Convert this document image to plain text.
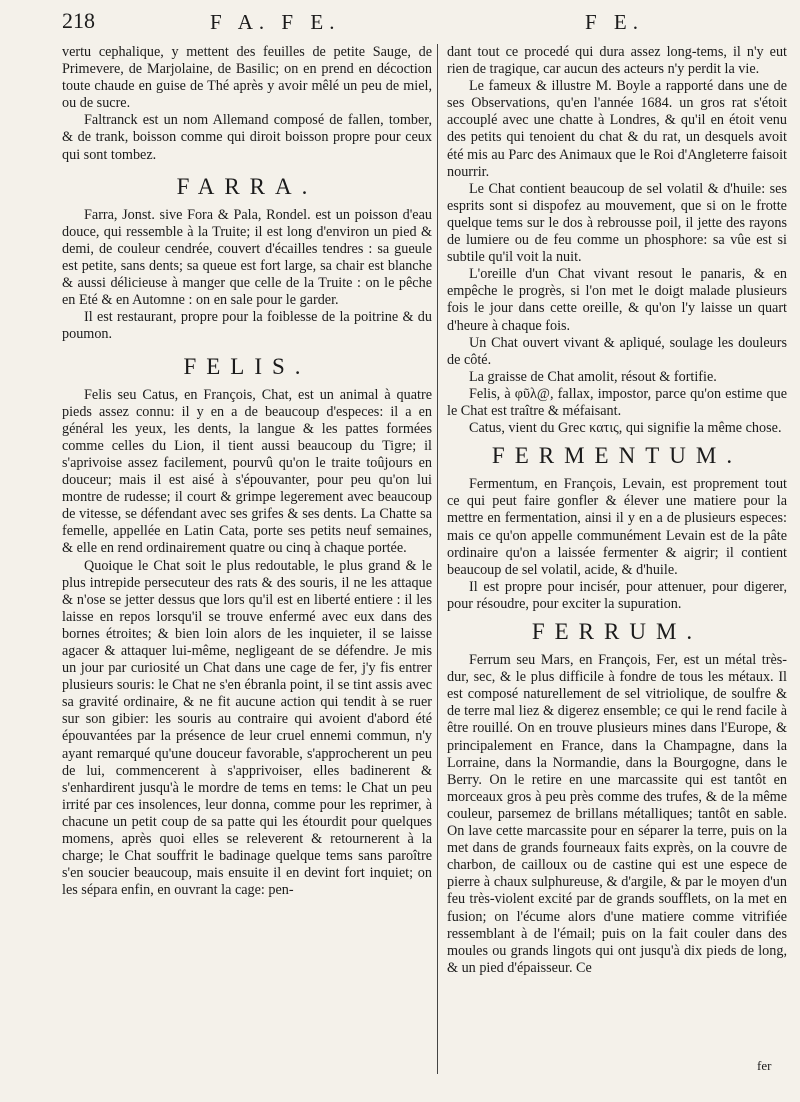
218	F A. F E.	F E.

vertu cephalique, y mettent des feuilles de petite Sauge, de Primevere, de Marjolaine, de Basilic; on en prend en décoction toute chaude en guise de Thé après y avoir mêlé un peu de miel, ou de sucre.

Faltranck est un nom Allemand composé de fallen, tomber, & de trank, boisson comme qui diroit boisson propre pour ceux qui sont tombez.

FARRA.

Farra, Jonst. sive Fora & Pala, Rondel. est un poisson d'eau douce, qui ressemble à la Truite; il est long d'environ un pied & demi, de couleur cendrée, couvert d'écailles tendres : sa gueule est petite, sans dents; sa queue est fort large, sa chair est blanche & aussi délicieuse à manger que celle de la Truite : on le pêche en Eté & en Automne : on en sale pour le garder.

Il est restaurant, propre pour la foiblesse de la poitrine & du poumon.

FELIS.

Felis seu Catus, en François, Chat, est un animal à quatre pieds assez connu: il y en a de beaucoup d'especes: il a en général les yeux, les dents, la langue & les pattes formées comme celles du Lion, il tient aussi beaucoup du Tigre; il s'aprivoise assez facilement, pourvû qu'on le traite toûjours en douceur; mais il est aisé à s'épouvanter, pour peu qu'on lui montre de rudesse; il court & grimpe legerement avec beaucoup de vitesse, se défendant avec ses grifes & ses dents. La Chatte sa femelle, appellée en Latin Cata, porte ses petits neuf semaines, & elle en rend ordinairement quatre ou cinq à chaque portée.

Quoique le Chat soit le plus redoutable, le plus grand & le plus intrepide persecuteur des rats & des souris, il ne les attaque & n'ose se jetter dessus que lors qu'il est en liberté entiere : il les laisse en repos lorsqu'il se trouve enfermé avec eux dans des bornes étroites; & bien loin alors de les inquieter, il se laisse agacer & attaquer lui-même, negligeant de se défendre. Je mis un jour par curiosité un Chat dans une cage de fer, j'y fis entrer plusieurs souris: le Chat ne s'en ébranla point, il se tint assis avec sa gravité ordinaire, & ne fit aucune action qui tendit à se ruer sur son gibier: les souris au contraire qui avoient d'abord été épouvantées par la présence de leur cruel ennemi commun, n'y ayant remarqué qu'une douceur favorable, s'approcherent un peu de lui, commencerent à s'apprivoiser, elles badinerent & s'enhardirent jusqu'à le mordre de tems en tems: le Chat un peu irrité par ces insolences, leur donna, comme pour les reprimer, à chacune un petit coup de sa patte qui les étourdit pour quelques momens, après quoi elles se releverent & retournerent à la charge; le Chat souffrit le badinage quelque tems sans paroître s'en soucier beaucoup, mais ensuite il en devint fort inquiet; on les sépara enfin, en ouvrant la cage: pen-

dant tout ce procedé qui dura assez long-tems, il n'y eut rien de tragique, car aucun des acteurs n'y perdit la vie.

Le fameux & illustre M. Boyle a rapporté dans une de ses Observations, qu'en l'année 1684. un gros rat s'étoit accouplé avec une chatte à Londres, & qu'il en étoit venu des petits qui tenoient du chat & du rat, un desquels avoit été mis au Parc des Animaux que le Roi d'Angleterre faisoit nourrir.

Le Chat contient beaucoup de sel volatil & d'huile: ses esprits sont si dispofez au mouvement, que si on le frotte quelque tems sur le dos à rebrousse poil, il jette des rayons de lumiere ou de feu comme un phosphore: sa vûe est si subtile qu'il voit la nuit.

L'oreille d'un Chat vivant resout le panaris, & en empêche le progrès, si l'on met le doigt malade plusieurs fois le jour dans cette oreille, & qu'on l'y laisse un quart d'heure à chaque fois.

Un Chat ouvert vivant & apliqué, soulage les douleurs de côté.

La graisse de Chat amolit, résout & fortifie.

Felis, à φῦλ@, fallax, impostor, parce qu'on estime que le Chat est traître & méfaisant.

Catus, vient du Grec κατις, qui signifie la même chose.

FERMENTUM.

Fermentum, en François, Levain, est proprement tout ce qui peut faire gonfler & élever une matiere pour la mettre en fermentation, ainsi il y en a de plusieurs especes: mais ce qu'on appelle communément Levain est de la pâte ordinaire qu'on a laissée fermenter & aigrir; il contient beaucoup de sel volatil, acide, & d'huile.

Il est propre pour incisér, pour attenuer, pour digerer, pour résoudre, pour exciter la supuration.

FERRUM.

Ferrum seu Mars, en François, Fer, est un métal très-dur, sec, & le plus difficile à fondre de tous les métaux. Il est composé naturellement de sel vitriolique, de soulfre & de terre mal liez & digerez ensemble; ce qui le rend facile à être rouillé. On en trouve plusieurs mines dans l'Europe, & principalement en France, dans la Champagne, dans la Lorraine, dans la Normandie, dans la Bourgogne, dans le Berry. On le retire en une marcassite qui est tantôt en morceaux gros à peu près comme des trufes, & de la même couleur, parsemez de brillans métalliques; tantôt en sable. On lave cette marcassite pour en séparer la terre, puis on la met dans de grands fourneaux faits exprès, on la couvre de charbon, de cailloux ou de castine qui est une espece de pierre à chaux sulphureuse, & d'argile, & par le moyen d'un feu très-violent excité par de grands soufflets, on la met en fusion; on l'écume alors d'une matiere comme vitrifiée ressemblant à de l'émail; puis on la fait couler dans des moules ou grands lingots qui ont jusqu'à dix pieds de long, & un pied d'épaisseur. Ce

fer
